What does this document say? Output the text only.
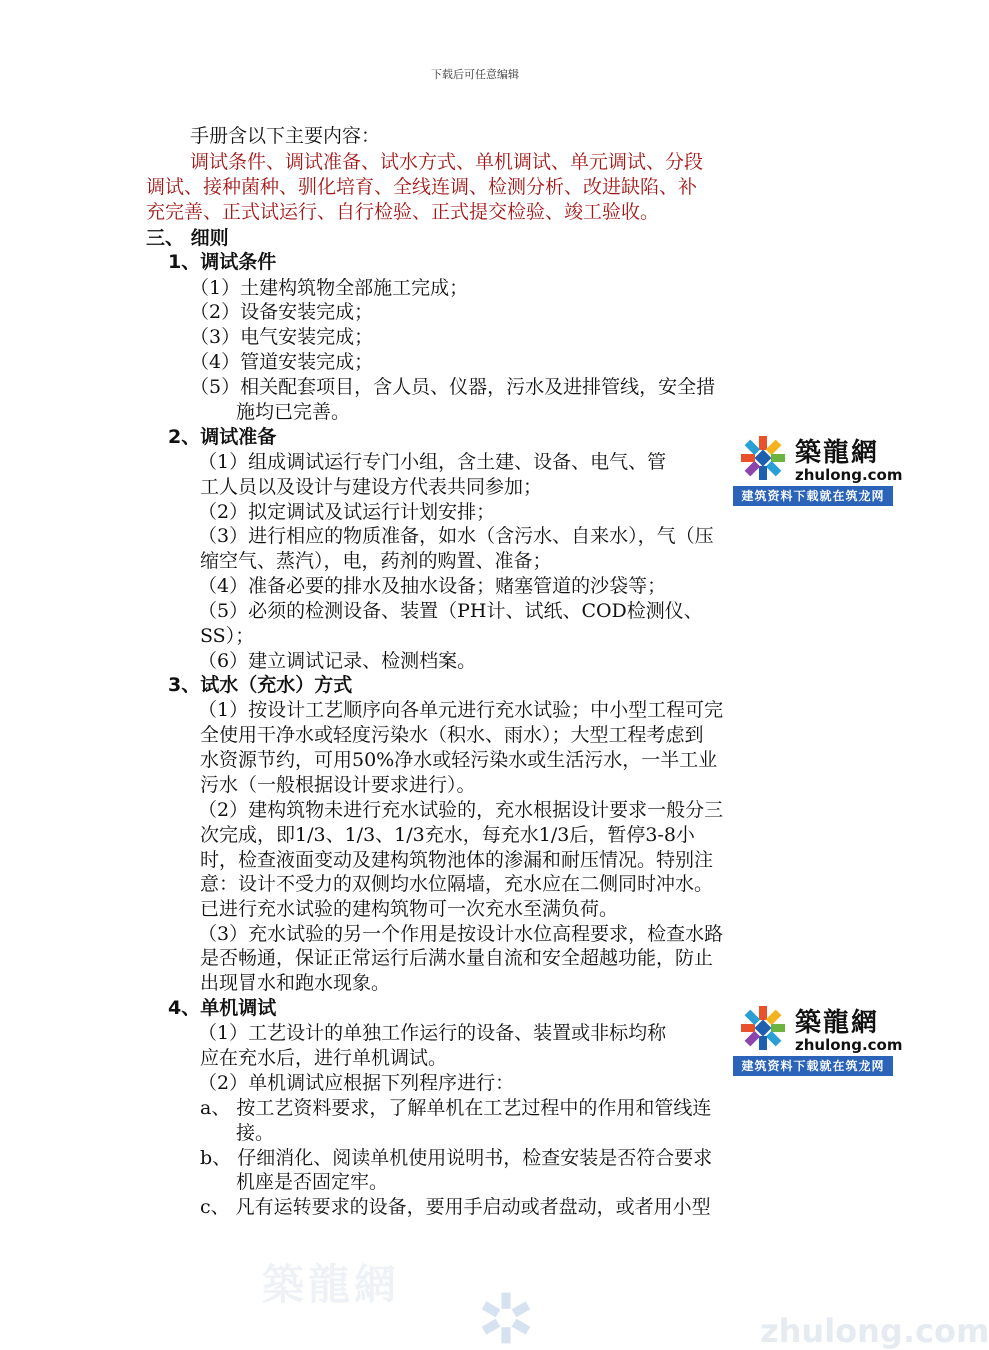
下载后可任意编辑
手册含以下主要内容：
调试条件、调试准备、试水方式、单机调试、单元调试、分段
调试、接种菌种、驯化培育、全线连调、检测分析、改进缺陷、补
充完善、正式试运行、自行检验、正式提交检验、竣工验收。
三、 细则
1、调试条件
（1）土建构筑物全部施工完成；
（2）设备安装完成；
（3）电气安装完成；
（4）管道安装完成；
（5）相关配套项目，含人员、仪器，污水及进排管线，安全措
施均已完善。
2、调试准备
（1）组成调试运行专门小组，含土建、设备、电气、管
工人员以及设计与建设方代表共同参加；
（2）拟定调试及试运行计划安排；
（3）进行相应的物质准备，如水（含污水、自来水），气（压
缩空气、蒸汽），电，药剂的购置、准备；
（4）准备必要的排水及抽水设备；赌塞管道的沙袋等；
（5）必须的检测设备、装置（PH计、试纸、COD检测仪、
SS）；
（6）建立调试记录、检测档案。
3、试水（充水）方式
（1）按设计工艺顺序向各单元进行充水试验；中小型工程可完
全使用干净水或轻度污染水（积水、雨水）；大型工程考虑到
水资源节约，可用50%净水或轻污染水或生活污水，一半工业
污水（一般根据设计要求进行）。
（2）建构筑物未进行充水试验的，充水根据设计要求一般分三
次完成，即1/3、1/3、1/3充水，每充水1/3后，暂停3-8小
时，检查液面变动及建构筑物池体的渗漏和耐压情况。特别注
意：设计不受力的双侧均水位隔墙，充水应在二侧同时冲水。
已进行充水试验的建构筑物可一次充水至满负荷。
（3）充水试验的另一个作用是按设计水位高程要求，检查水路
是否畅通，保证正常运行后满水量自流和安全超越功能，防止
出现冒水和跑水现象。
4、单机调试
（1）工艺设计的单独工作运行的设备、装置或非标均称
应在充水后，进行单机调试。
（2）单机调试应根据下列程序进行：
a、 按工艺资料要求，了解单机在工艺过程中的作用和管线连
接。
b、 仔细消化、阅读单机使用说明书，检查安装是否符合要求
机座是否固定牢。
c、 凡有运转要求的设备，要用手启动或者盘动，或者用小型
築龍網
zhulong.com
建筑资料下载就在筑龙网
築龍網
zhulong.com
建筑资料下载就在筑龙网
築龍網
zhulong.com
